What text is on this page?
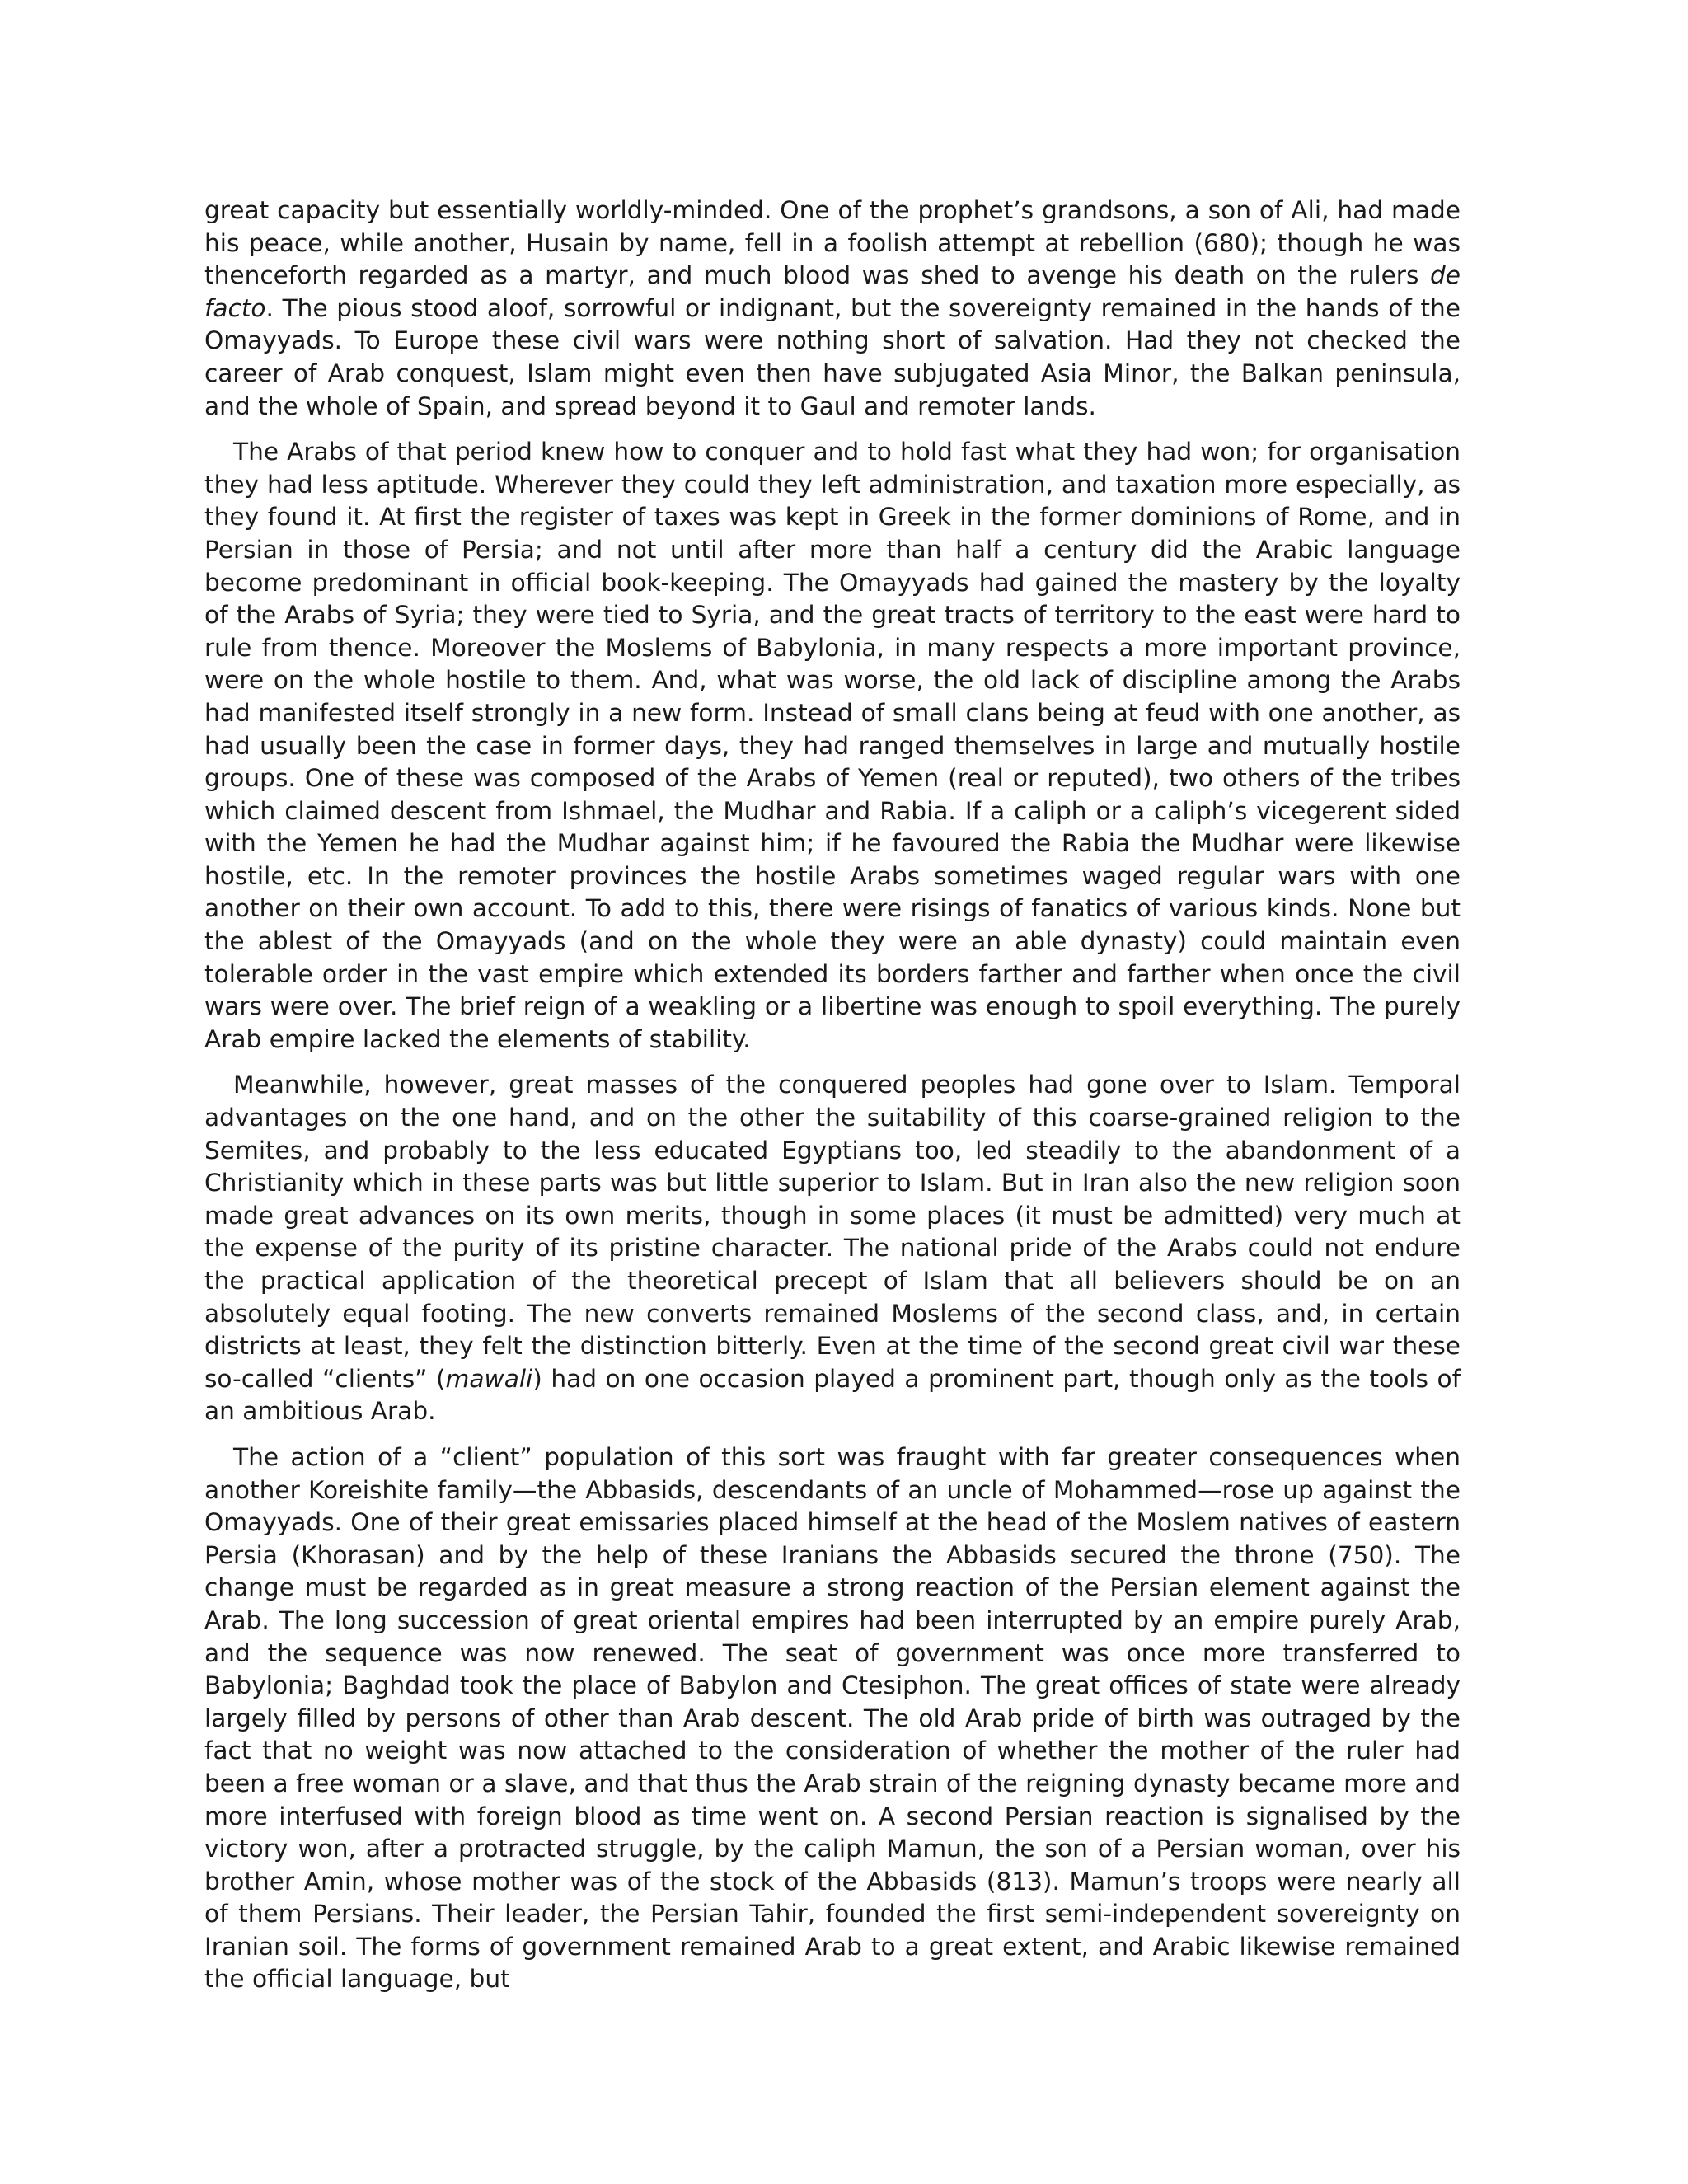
great capacity but essentially worldly-minded. One of the prophet’s grandsons, a son of Ali, had made his peace, while another, Husain by name, fell in a foolish attempt at rebellion (680); though he was thenceforth regarded as a martyr, and much blood was shed to avenge his death on the rulers de facto. The pious stood aloof, sorrowful or indignant, but the sovereignty remained in the hands of the Omayyads. To Europe these civil wars were nothing short of salvation. Had they not checked the career of Arab conquest, Islam might even then have subjugated Asia Minor, the Balkan peninsula, and the whole of Spain, and spread beyond it to Gaul and remoter lands.

The Arabs of that period knew how to conquer and to hold fast what they had won; for organisation they had less aptitude. Wherever they could they left administration, and taxation more especially, as they found it. At first the register of taxes was kept in Greek in the former dominions of Rome, and in Persian in those of Persia; and not until after more than half a century did the Arabic language become predominant in official book-keeping. The Omayyads had gained the mastery by the loyalty of the Arabs of Syria; they were tied to Syria, and the great tracts of territory to the east were hard to rule from thence. Moreover the Moslems of Babylonia, in many respects a more important province, were on the whole hostile to them. And, what was worse, the old lack of discipline among the Arabs had manifested itself strongly in a new form. Instead of small clans being at feud with one another, as had usually been the case in former days, they had ranged themselves in large and mutually hostile groups. One of these was composed of the Arabs of Yemen (real or reputed), two others of the tribes which claimed descent from Ishmael, the Mudhar and Rabia. If a caliph or a caliph’s vicegerent sided with the Yemen he had the Mudhar against him; if he favoured the Rabia the Mudhar were likewise hostile, etc. In the remoter provinces the hostile Arabs sometimes waged regular wars with one another on their own account. To add to this, there were risings of fanatics of various kinds. None but the ablest of the Omayyads (and on the whole they were an able dynasty) could maintain even tolerable order in the vast empire which extended its borders farther and farther when once the civil wars were over. The brief reign of a weakling or a libertine was enough to spoil everything. The purely Arab empire lacked the elements of stability.

Meanwhile, however, great masses of the conquered peoples had gone over to Islam. Temporal advantages on the one hand, and on the other the suitability of this coarse-grained religion to the Semites, and probably to the less educated Egyptians too, led steadily to the abandonment of a Christianity which in these parts was but little superior to Islam. But in Iran also the new religion soon made great advances on its own merits, though in some places (it must be admitted) very much at the expense of the purity of its pristine character. The national pride of the Arabs could not endure the practical application of the theoretical precept of Islam that all believers should be on an absolutely equal footing. The new converts remained Moslems of the second class, and, in certain districts at least, they felt the distinction bitterly. Even at the time of the second great civil war these so-called “clients” (mawali) had on one occasion played a prominent part, though only as the tools of an ambitious Arab.

The action of a “client” population of this sort was fraught with far greater consequences when another Koreishite family—the Abbasids, descendants of an uncle of Mohammed—rose up against the Omayyads. One of their great emissaries placed himself at the head of the Moslem natives of eastern Persia (Khorasan) and by the help of these Iranians the Abbasids secured the throne (750). The change must be regarded as in great measure a strong reaction of the Persian element against the Arab. The long succession of great oriental empires had been interrupted by an empire purely Arab, and the sequence was now renewed. The seat of government was once more transferred to Babylonia; Baghdad took the place of Babylon and Ctesiphon. The great offices of state were already largely filled by persons of other than Arab descent. The old Arab pride of birth was outraged by the fact that no weight was now attached to the consideration of whether the mother of the ruler had been a free woman or a slave, and that thus the Arab strain of the reigning dynasty became more and more interfused with foreign blood as time went on. A second Persian reaction is signalised by the victory won, after a protracted struggle, by the caliph Mamun, the son of a Persian woman, over his brother Amin, whose mother was of the stock of the Abbasids (813). Mamun’s troops were nearly all of them Persians. Their leader, the Persian Tahir, founded the first semi-independent sovereignty on Iranian soil. The forms of government remained Arab to a great extent, and Arabic likewise remained the official language, but
